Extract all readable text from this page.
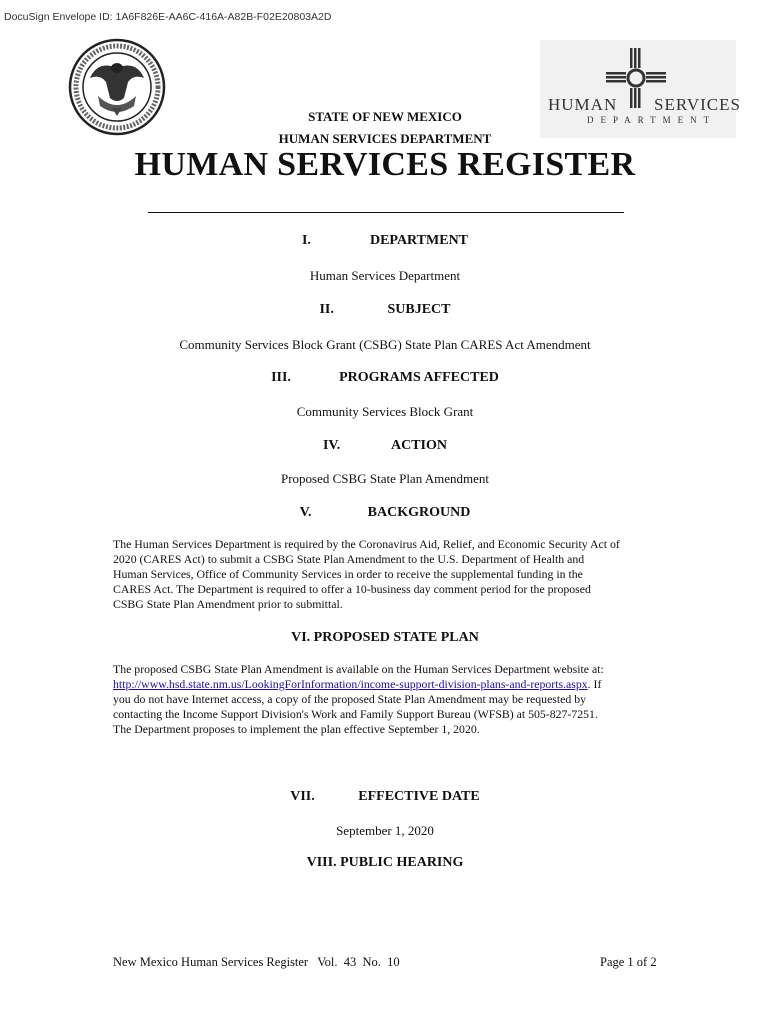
DocuSign Envelope ID: 1A6F826E-AA6C-416A-A82B-F02E20803A2D
HUMAN SERVICES
DEPARTMENT
STATE OF NEW MEXICO
HUMAN SERVICES DEPARTMENT
HUMAN SERVICES REGISTER
I.	DEPARTMENT
Human Services Department
II.	SUBJECT
Community Services Block Grant (CSBG) State Plan CARES Act Amendment
III.	PROGRAMS AFFECTED
Community Services Block Grant
IV.	ACTION
Proposed CSBG State Plan Amendment
V.	BACKGROUND
The Human Services Department is required by the Coronavirus Aid, Relief, and Economic Security Act of
2020 (CARES Act) to submit a CSBG State Plan Amendment to the U.S. Department of Health and
Human Services, Office of Community Services in order to receive the supplemental funding in the
CARES Act. The Department is required to offer a 10-business day comment period for the proposed
CSBG State Plan Amendment prior to submittal.
VI. PROPOSED STATE PLAN
The proposed CSBG State Plan Amendment is available on the Human Services Department website at:
http://www.hsd.state.nm.us/LookingForInformation/income-support-division-plans-and-reports.aspx. If
you do not have Internet access, a copy of the proposed State Plan Amendment may be requested by
contacting the Income Support Division's Work and Family Support Bureau (WFSB) at 505-827-7251.
The Department proposes to implement the plan effective September 1, 2020.
VII.	EFFECTIVE DATE
September 1, 2020
VIII. PUBLIC HEARING
New Mexico Human Services Register Vol. 43 No. 10	Page 1 of 2
